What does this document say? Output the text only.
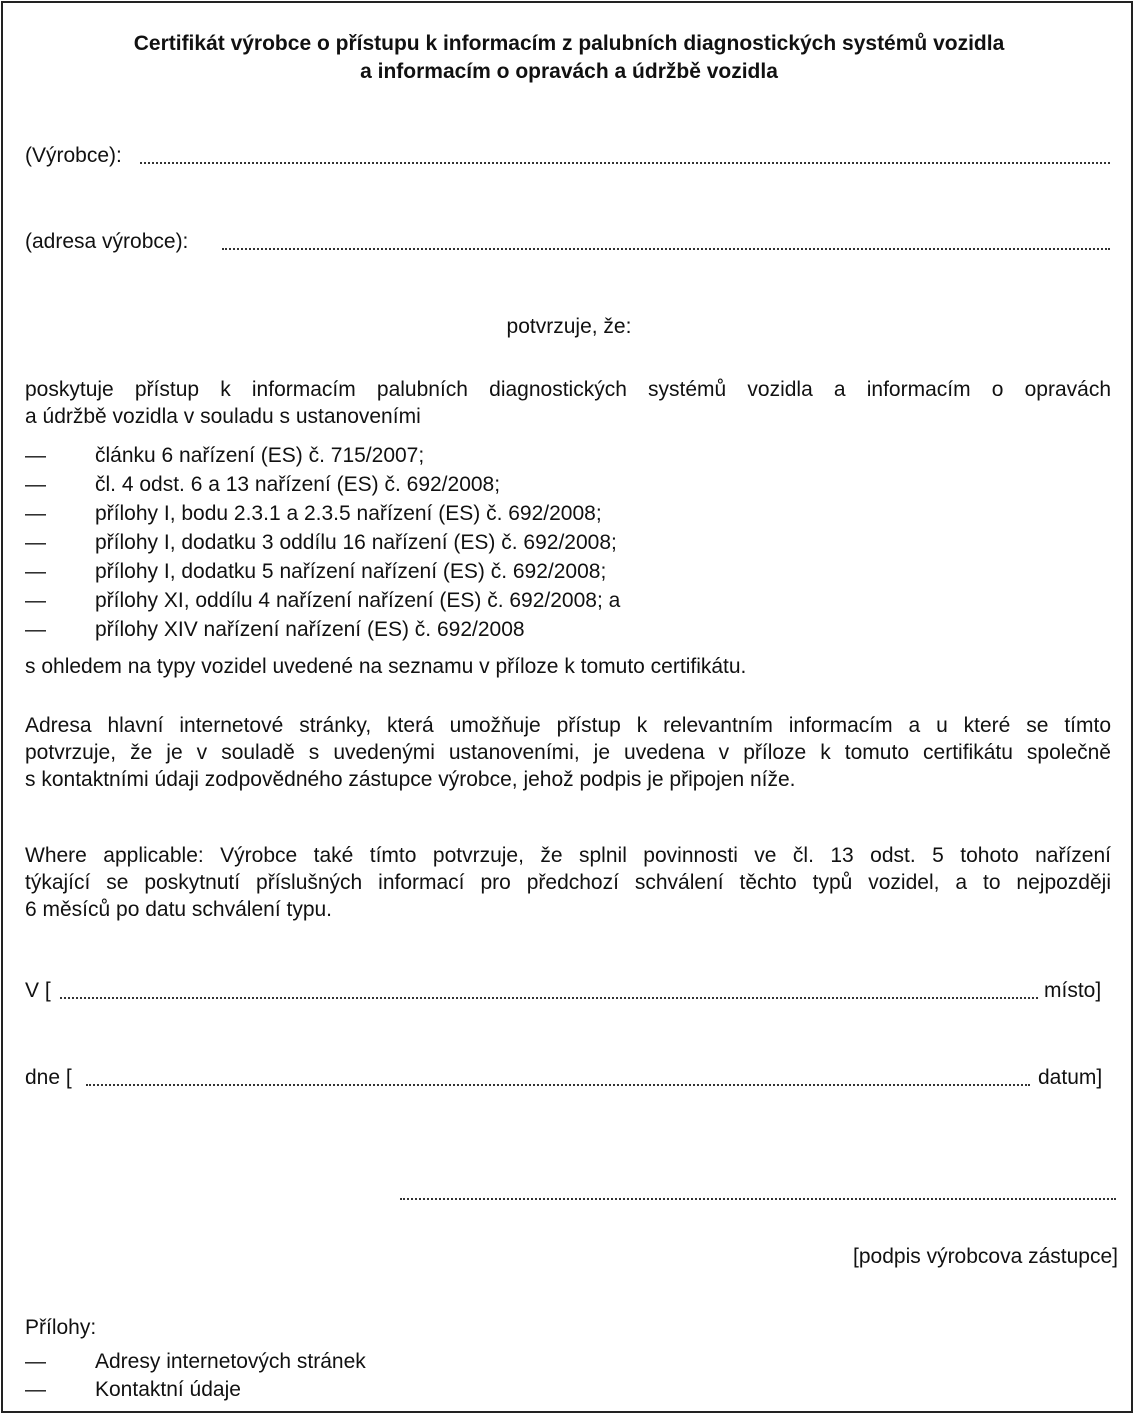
Certifikát výrobce o přístupu k informacím z palubních diagnostických systémů vozidla
a informacím o opravách a údržbě vozidla
(Výrobce):
(adresa výrobce):
potvrzuje, že:
poskytuje přístup k informacím palubních diagnostických systémů vozidla a informacím o opravách
a údržbě vozidla v souladu s ustanoveními
— článku 6 nařízení (ES) č. 715/2007;
— čl. 4 odst. 6 a 13 nařízení (ES) č. 692/2008;
— přílohy I, bodu 2.3.1 a 2.3.5 nařízení (ES) č. 692/2008;
— přílohy I, dodatku 3 oddílu 16 nařízení (ES) č. 692/2008;
— přílohy I, dodatku 5 nařízení nařízení (ES) č. 692/2008;
— přílohy XI, oddílu 4 nařízení nařízení (ES) č. 692/2008; a
— přílohy XIV nařízení nařízení (ES) č. 692/2008
s ohledem na typy vozidel uvedené na seznamu v příloze k tomuto certifikátu.
Adresa hlavní internetové stránky, která umožňuje přístup k relevantním informacím a u které se tímto
potvrzuje, že je v souladě s uvedenými ustanoveními, je uvedena v příloze k tomuto certifikátu společně
s kontaktními údaji zodpovědného zástupce výrobce, jehož podpis je připojen níže.
Where applicable: Výrobce také tímto potvrzuje, že splnil povinnosti ve čl. 13 odst. 5 tohoto nařízení
týkající se poskytnutí příslušných informací pro předchozí schválení těchto typů vozidel, a to nejpozději
6 měsíců po datu schválení typu.
V [	místo]
dne [	datum]
[podpis výrobcova zástupce]
Přílohy:
— Adresy internetových stránek
— Kontaktní údaje
